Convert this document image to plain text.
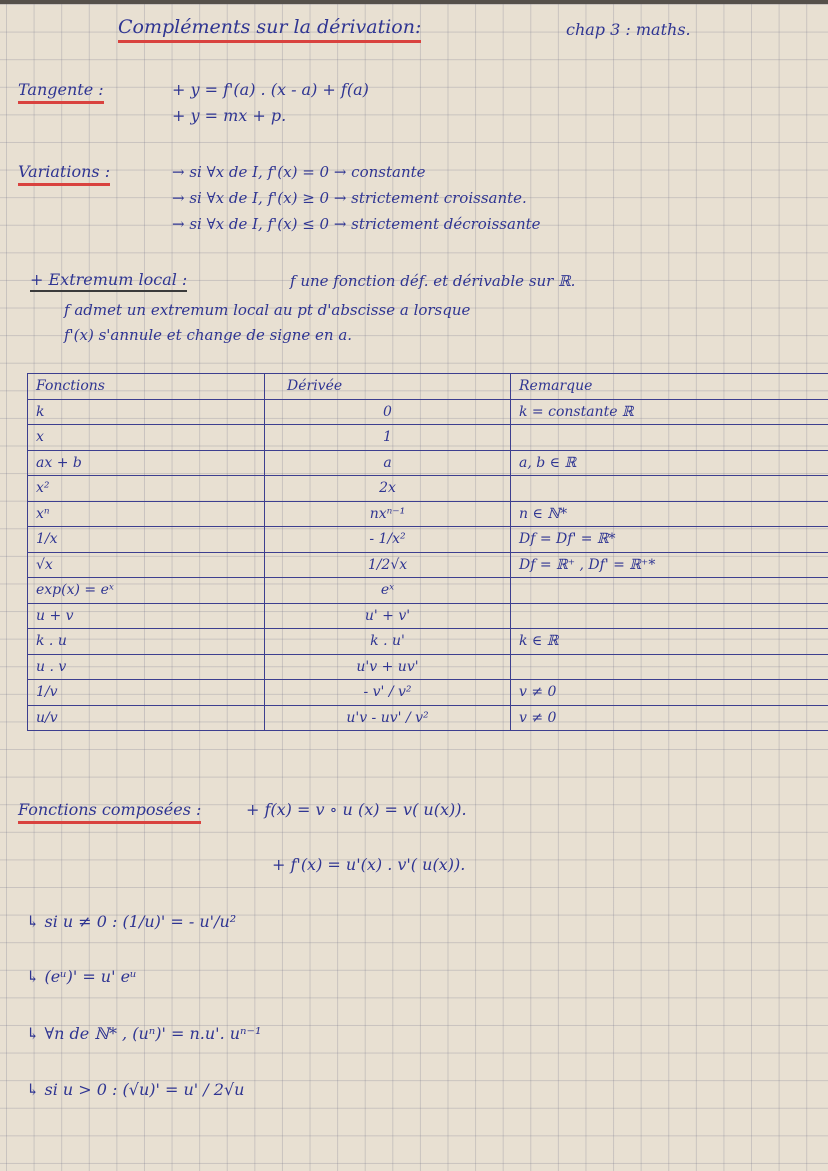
Compléments sur la dérivation:	chap 3 : maths.
Tangente :	+ y = f'(a) . (x - a) + f(a)
+ y = mx + p.
Variations :	→ si ∀x de I, f'(x) = 0 → constante
→ si ∀x de I, f'(x) ≥ 0 → strictement croissante.
→ si ∀x de I, f'(x) ≤ 0 → strictement décroissante
+ Extremum local :	f une fonction déf. et dérivable sur ℝ.
f admet un extremum local au pt d'abscisse a lorsque
f'(x) s'annule et change de signe en a.
Fonctions	Dérivée	Remarque
k	0	k = constante ℝ
x	1	
ax + b	a	a, b ∈ ℝ
x²	2x	
xⁿ	nxⁿ⁻¹	n ∈ ℕ*
1/x	- 1/x²	Df = Df' = ℝ*
√x	1/2√x	Df = ℝ⁺ , Df' = ℝ⁺*
exp(x) = eˣ	eˣ	
u + v	u' + v'	
k . u	k . u'	k ∈ ℝ
u . v	u'v + uv'	
1/v	- v' / v²	v ≠ 0
u/v	u'v - uv' / v²	v ≠ 0
Fonctions composées :	+ f(x) = v ∘ u (x) = v( u(x)).
+ f'(x) = u'(x) . v'( u(x)).
↳ si u ≠ 0 : (1/u)' = - u'/u²
↳ (eᵘ)' = u' eᵘ
↳ ∀n de ℕ* , (uⁿ)' = n.u'. uⁿ⁻¹
↳ si u > 0 : (√u)' = u' / 2√u
